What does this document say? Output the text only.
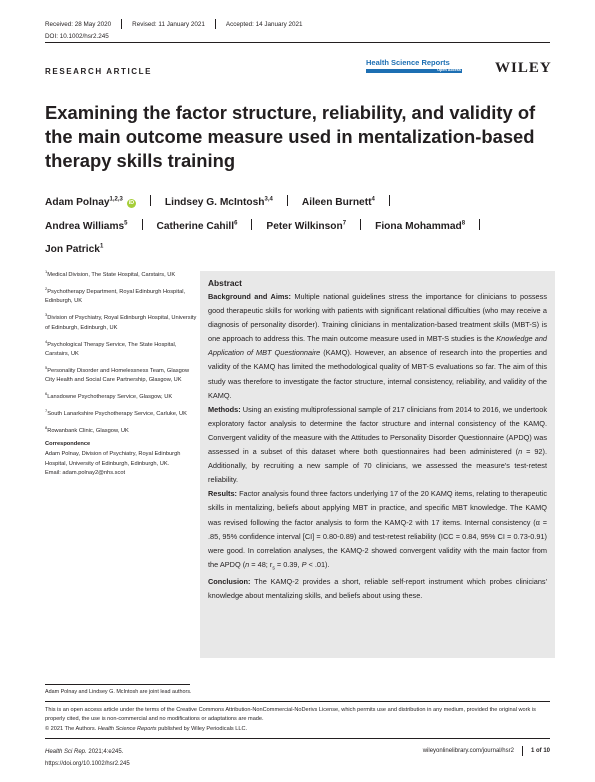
Received: 28 May 2020	Revised: 11 January 2021	Accepted: 14 January 2021
DOI: 10.1002/hsr2.245
RESEARCH ARTICLE
Health Science Reports
Open Access WILEY
Examining the factor structure, reliability, and validity of the main outcome measure used in mentalization-based therapy skills training
Adam Polnay$^{1,2,3}$iD	Lindsey G. McIntosh$^{3,4}$	Aileen Burnett$^4$
Andrea Williams$^5$	Catherine Cahill$^6$	Peter Wilkinson$^7$	Fiona Mohammad$^8$
Jon Patrick$^1$

$^1$Medical Division, The State Hospital, Carstairs, UK

$^2$Psychotherapy Department, Royal Edinburgh Hospital, Edinburgh, UK

$^3$Division of Psychiatry, Royal Edinburgh Hospital, University of Edinburgh, Edinburgh, UK

$^4$Psychological Therapy Service, The State Hospital, Carstairs, UK

$^5$Personality Disorder and Homelessness Team, Glasgow City Health and Social Care Partnership, Glasgow, UK

$^6$Lansdowne Psychotherapy Service, Glasgow, UK

$^7$South Lanarkshire Psychotherapy Service, Carluke, UK

$^8$Rowanbank Clinic, Glasgow, UK

Correspondence
Adam Polnay, Division of Psychiatry, Royal Edinburgh Hospital, University of Edinburgh, Edinburgh, UK.
Email: adam.polnay2@nhs.scot
Abstract

Background and Aims: Multiple national guidelines stress the importance for clinicians to possess good therapeutic skills for working with patients with significant relational difficulties (who may receive a diagnosis of personality disorder). Training clinicians in mentalization-based treatment skills (MBT-S) is one approach to address this. The main outcome measure used in MBT-S studies is the Knowledge and Application of MBT Questionnaire (KAMQ). However, an absence of research into the properties and validity of the KAMQ has limited the methodological quality of MBT-S evaluations so far. The aim of this study was therefore to investigate the factor structure, internal consistency, reliability, and validity of the KAMQ.

Methods: Using an existing multiprofessional sample of 217 clinicians from 2014 to 2016, we undertook exploratory factor analysis to determine the factor structure and internal consistency of the KAMQ. Convergent validity of the measure with the Attitudes to Personality Disorder Questionnaire (APDQ) was assessed in a subset of this dataset where both questionnaires had been administered (n = 92). Additionally, by recruiting a new sample of 70 clinicians, we assessed the measure's test-retest reliability.

Results: Factor analysis found three factors underlying 17 of the 20 KAMQ items, relating to therapeutic skills in mentalizing, beliefs about applying MBT in practice, and specific MBT knowledge. The KAMQ was revised following the factor analysis to form the KAMQ-2 with 17 items. Internal consistency (α = .85, 95% confidence interval [CI] = 0.80-0.89) and test-retest reliability (ICC = 0.84, 95% CI = 0.73-0.91) were good. In correlation analyses, the KAMQ-2 showed convergent validity with the main factor from the APDQ (n = 48; $r_s = 0.39$, P < .01).

Conclusion: The KAMQ-2 provides a short, reliable self-report instrument which probes clinicians' knowledge about mentalizing skills, and beliefs about using these.

Adam Polnay and Lindsey G. McIntosh are joint lead authors.
This is an open access article under the terms of the Creative Commons Attribution-NonCommercial-NoDerivs License, which permits use and distribution in any medium, provided the original work is properly cited, the use is non-commercial and no modifications or adaptations are made.
© 2021 The Authors. Health Science Reports published by Wiley Periodicals LLC.
Health Sci Rep. 2021;4:e245.
https://doi.org/10.1002/hsr2.245
wileyonlinelibrary.com/journal/hsr2	1 of 10
